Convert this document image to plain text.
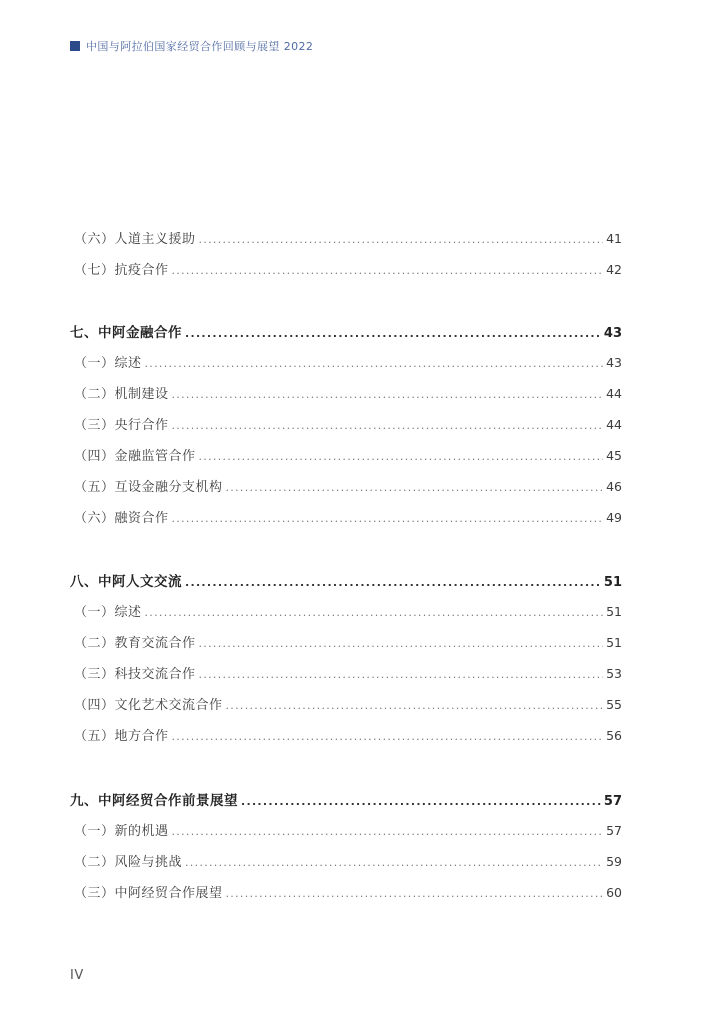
中国与阿拉伯国家经贸合作回顾与展望 2022
（六）人道主义援助 .....	41
（七）抗疫合作 .....	42
七、中阿金融合作 .....	43
（一）综述 .....	43
（二）机制建设 .....	44
（三）央行合作 .....	44
（四）金融监管合作 .....	45
（五）互设金融分支机构 .....	46
（六）融资合作 .....	49
八、中阿人文交流 .....	51
（一）综述 .....	51
（二）教育交流合作 .....	51
（三）科技交流合作 .....	53
（四）文化艺术交流合作 .....	55
（五）地方合作 .....	56
九、中阿经贸合作前景展望 .....	57
（一）新的机遇 .....	57
（二）风险与挑战 .....	59
（三）中阿经贸合作展望 .....	60
IV
